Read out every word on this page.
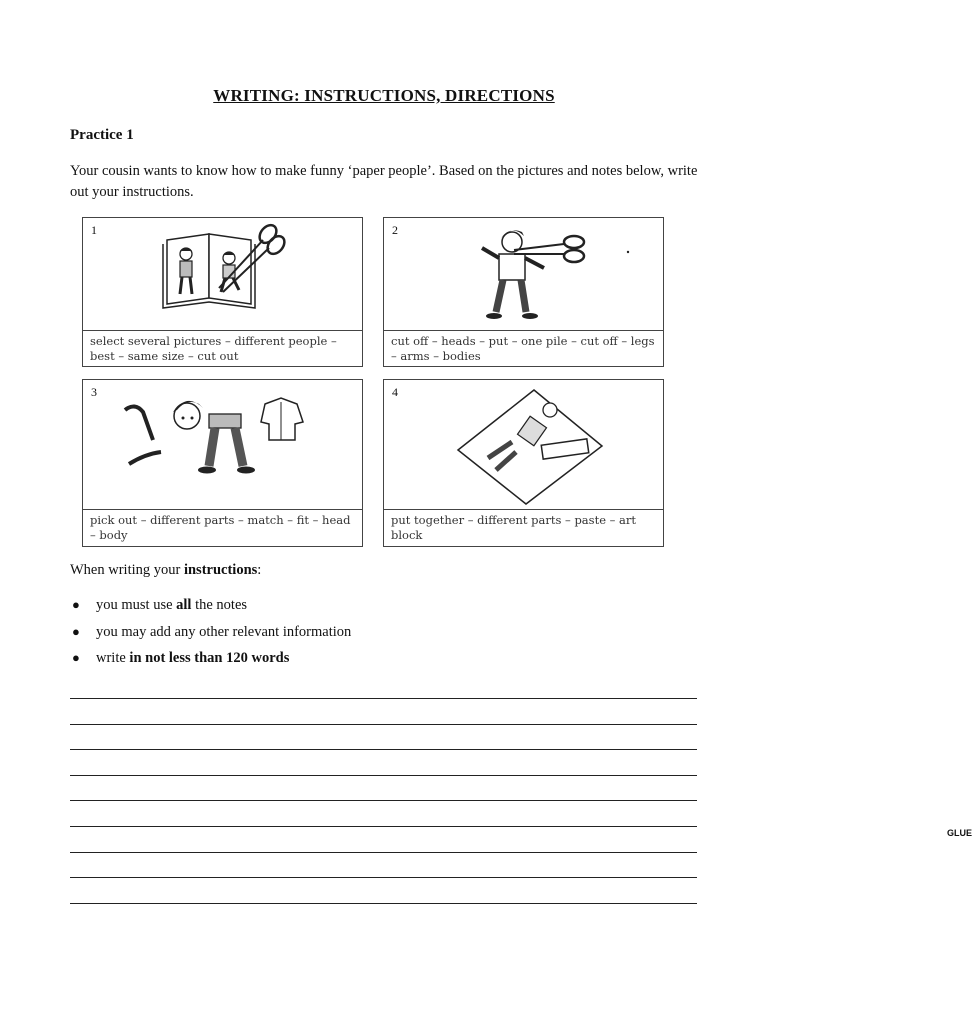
WRITING: INSTRUCTIONS, DIRECTIONS
Practice 1
Your cousin wants to know how to make funny ‘paper people’. Based on the pictures and notes below, write out your instructions.
1
select several pictures – different people – best – same size – cut out
2
cut off – heads – put – one pile – cut off – legs – arms – bodies
3
pick out – different parts – match – fit – head – body
4
GLUE
put together – different parts – paste – art block
When writing your instructions:
●	you must use all the notes
●	you may add any other relevant information
●	write in not less than 120 words
